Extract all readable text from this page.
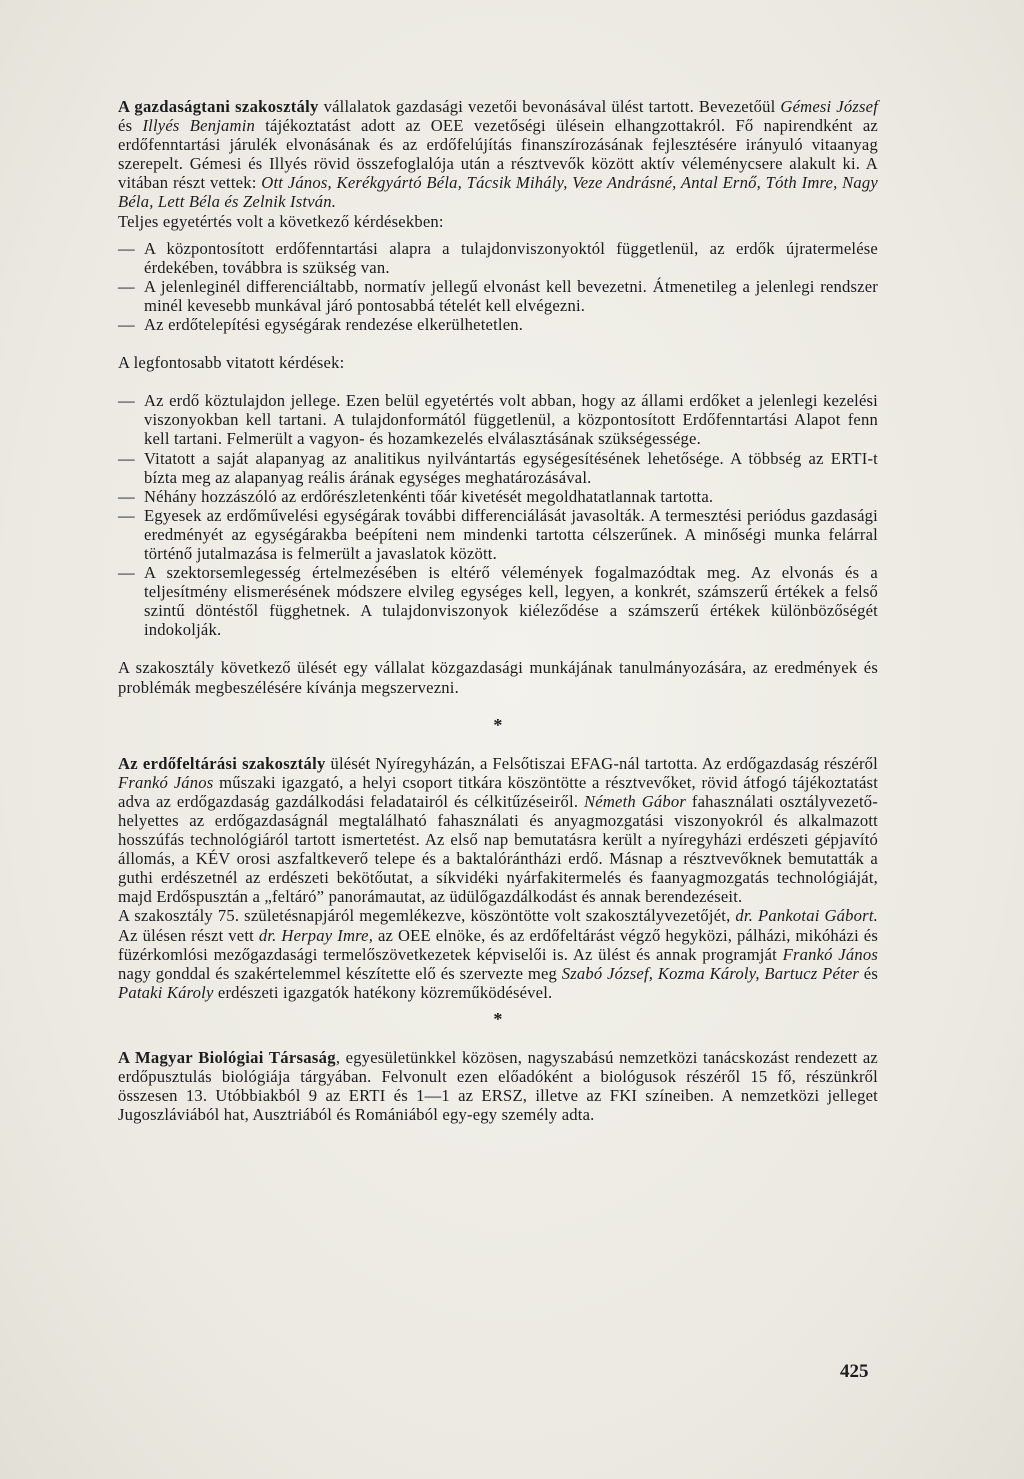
A gazdaságtani szakosztály vállalatok gazdasági vezetői bevonásával ülést tartott. Bevezetőül Gémesi József és Illyés Benjamin tájékoztatást adott az OEE vezetőségi ülésein elhangzottakról. Fő napirendként az erdőfenntartási járulék elvonásának és az erdőfelújítás finanszírozásának fejlesztésére irányuló vitaanyag szerepelt. Gémesi és Illyés rövid összefoglalója után a résztvevők között aktív véleménycsere alakult ki. A vitában részt vettek: Ott János, Kerékgyártó Béla, Tácsik Mihály, Veze Andrásné, Antal Ernő, Tóth Imre, Nagy Béla, Lett Béla és Zelnik István.

Teljes egyetértés volt a következő kérdésekben:

— A központosított erdőfenntartási alapra a tulajdonviszonyoktól függetlenül, az erdők újratermelése érdekében, továbbra is szükség van.
— A jelenleginél differenciáltabb, normatív jellegű elvonást kell bevezetni. Átmenetileg a jelenlegi rendszer minél kevesebb munkával járó pontosabbá tételét kell elvégezni.
— Az erdőtelepítési egységárak rendezése elkerülhetetlen.

A legfontosabb vitatott kérdések:

— Az erdő köztulajdon jellege. Ezen belül egyetértés volt abban, hogy az állami erdőket a jelenlegi kezelési viszonyokban kell tartani. A tulajdonformától függetlenül, a központosított Erdőfenntartási Alapot fenn kell tartani. Felmerült a vagyon- és hozamkezelés elválasztásának szükségessége.
— Vitatott a saját alapanyag az analitikus nyilvántartás egységesítésének lehetősége. A többség az ERTI-t bízta meg az alapanyag reális árának egységes meghatározásával.
— Néhány hozzászóló az erdőrészletenkénti tőár kivetését megoldhatatlannak tartotta.
— Egyesek az erdőművelési egységárak további differenciálását javasolták. A termesztési periódus gazdasági eredményét az egységárakba beépíteni nem mindenki tartotta célszerűnek. A minőségi munka felárral történő jutalmazása is felmerült a javaslatok között.
— A szektorsemlegesség értelmezésében is eltérő vélemények fogalmazódtak meg. Az elvonás és a teljesítmény elismerésének módszere elvileg egységes kell, legyen, a konkrét, számszerű értékek a felső szintű döntéstől függhetnek. A tulajdonviszonyok kiéleződése a számszerű értékek különbözőségét indokolják.

A szakosztály következő ülését egy vállalat közgazdasági munkájának tanulmányozására, az eredmények és problémák megbeszélésére kívánja megszervezni.

*

Az erdőfeltárási szakosztály ülését Nyíregyházán, a Felsőtiszai EFAG-nál tartotta. Az erdőgazdaság részéről Frankó János műszaki igazgató, a helyi csoport titkára köszöntötte a résztvevőket, rövid átfogó tájékoztatást adva az erdőgazdaság gazdálkodási feladatairól és célkitűzéseiről. Németh Gábor fahasználati osztályvezető-helyettes az erdőgazdaságnál megtalálható fahasználati és anyagmozgatási viszonyokról és alkalmazott hosszúfás technológiáról tartott ismertetést. Az első nap bemutatásra került a nyíregyházi erdészeti gépjavító állomás, a KÉV orosi aszfaltkeverő telepe és a baktalórántházi erdő. Másnap a résztvevőknek bemutatták a guthi erdészetnél az erdészeti bekötőutat, a síkvidéki nyárfakitermelés és faanyagmozgatás technológiáját, majd Erdőspusztán a „feltáró” panorámautat, az üdülőgazdálkodást és annak berendezéseit.

A szakosztály 75. születésnapjáról megemlékezve, köszöntötte volt szakosztályvezetőjét, dr. Pankotai Gábort. Az ülésen részt vett dr. Herpay Imre, az OEE elnöke, és az erdőfeltárást végző hegyközi, pálházi, mikóházi és füzérkomlósi mezőgazdasági termelőszövetkezetek képviselői is. Az ülést és annak programját Frankó János nagy gonddal és szakértelemmel készítette elő és szervezte meg Szabó József, Kozma Károly, Bartucz Péter és Pataki Károly erdészeti igazgatók hatékony közreműködésével.

*

A Magyar Biológiai Társaság, egyesületünkkel közösen, nagyszabású nemzetközi tanácskozást rendezett az erdőpusztulás biológiája tárgyában. Felvonult ezen előadóként a biológusok részéről 15 fő, részünkről összesen 13. Utóbbiakból 9 az ERTI és 1—1 az ERSZ, illetve az FKI színeiben. A nemzetközi jelleget Jugoszláviából hat, Ausztriából és Romániából egy-egy személy adta.

425
